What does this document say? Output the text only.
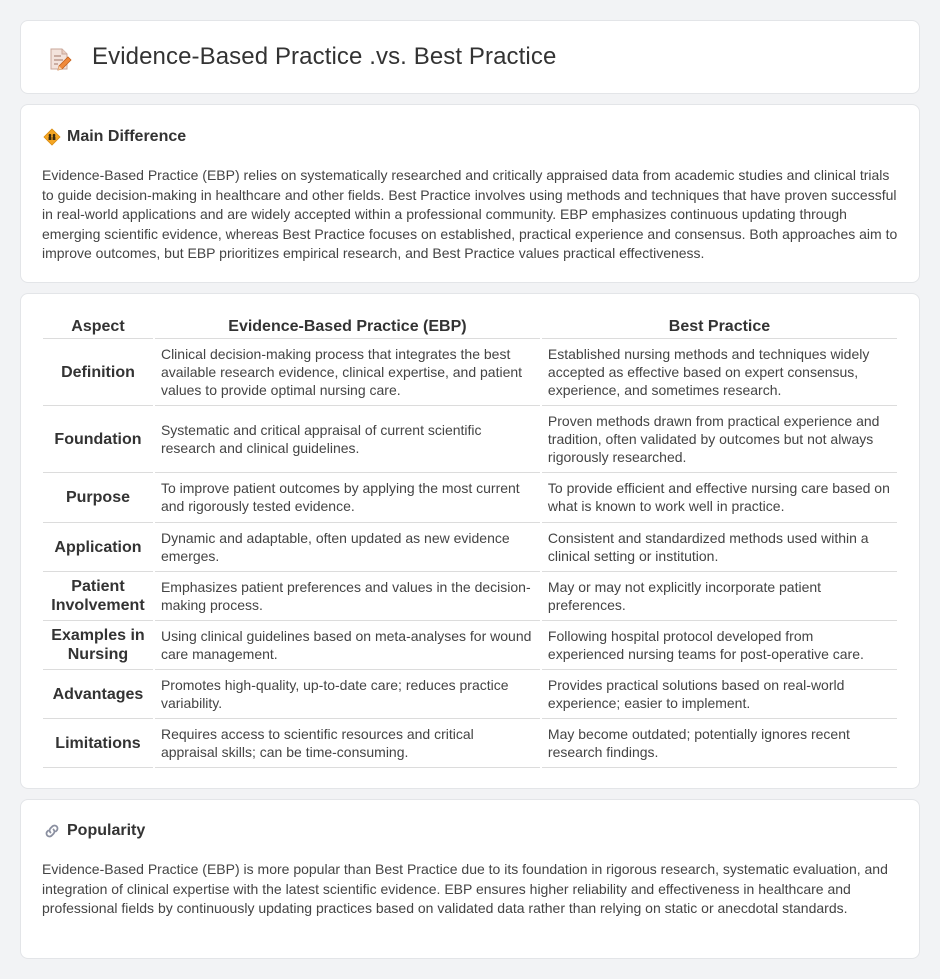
Evidence-Based Practice .vs. Best Practice
Main Difference

Evidence-Based Practice (EBP) relies on systematically researched and critically appraised data from academic studies and clinical trials to guide decision-making in healthcare and other fields. Best Practice involves using methods and techniques that have proven successful in real-world applications and are widely accepted within a professional community. EBP emphasizes continuous updating through emerging scientific evidence, whereas Best Practice focuses on established, practical experience and consensus. Both approaches aim to improve outcomes, but EBP prioritizes empirical research, and Best Practice values practical effectiveness.

Aspect	Evidence-Based Practice (EBP)	Best Practice
Definition	Clinical decision-making process that integrates the best available research evidence, clinical expertise, and patient values to provide optimal nursing care.	Established nursing methods and techniques widely accepted as effective based on expert consensus, experience, and sometimes research.
Foundation	Systematic and critical appraisal of current scientific research and clinical guidelines.	Proven methods drawn from practical experience and tradition, often validated by outcomes but not always rigorously researched.
Purpose	To improve patient outcomes by applying the most current and rigorously tested evidence.	To provide efficient and effective nursing care based on what is known to work well in practice.
Application	Dynamic and adaptable, often updated as new evidence emerges.	Consistent and standardized methods used within a clinical setting or institution.
Patient Involvement	Emphasizes patient preferences and values in the decision-making process.	May or may not explicitly incorporate patient preferences.
Examples in Nursing	Using clinical guidelines based on meta-analyses for wound care management.	Following hospital protocol developed from experienced nursing teams for post-operative care.
Advantages	Promotes high-quality, up-to-date care; reduces practice variability.	Provides practical solutions based on real-world experience; easier to implement.
Limitations	Requires access to scientific resources and critical appraisal skills; can be time-consuming.	May become outdated; potentially ignores recent research findings.
Popularity

Evidence-Based Practice (EBP) is more popular than Best Practice due to its foundation in rigorous research, systematic evaluation, and integration of clinical expertise with the latest scientific evidence. EBP ensures higher reliability and effectiveness in healthcare and professional fields by continuously updating practices based on validated data rather than relying on static or anecdotal standards.
